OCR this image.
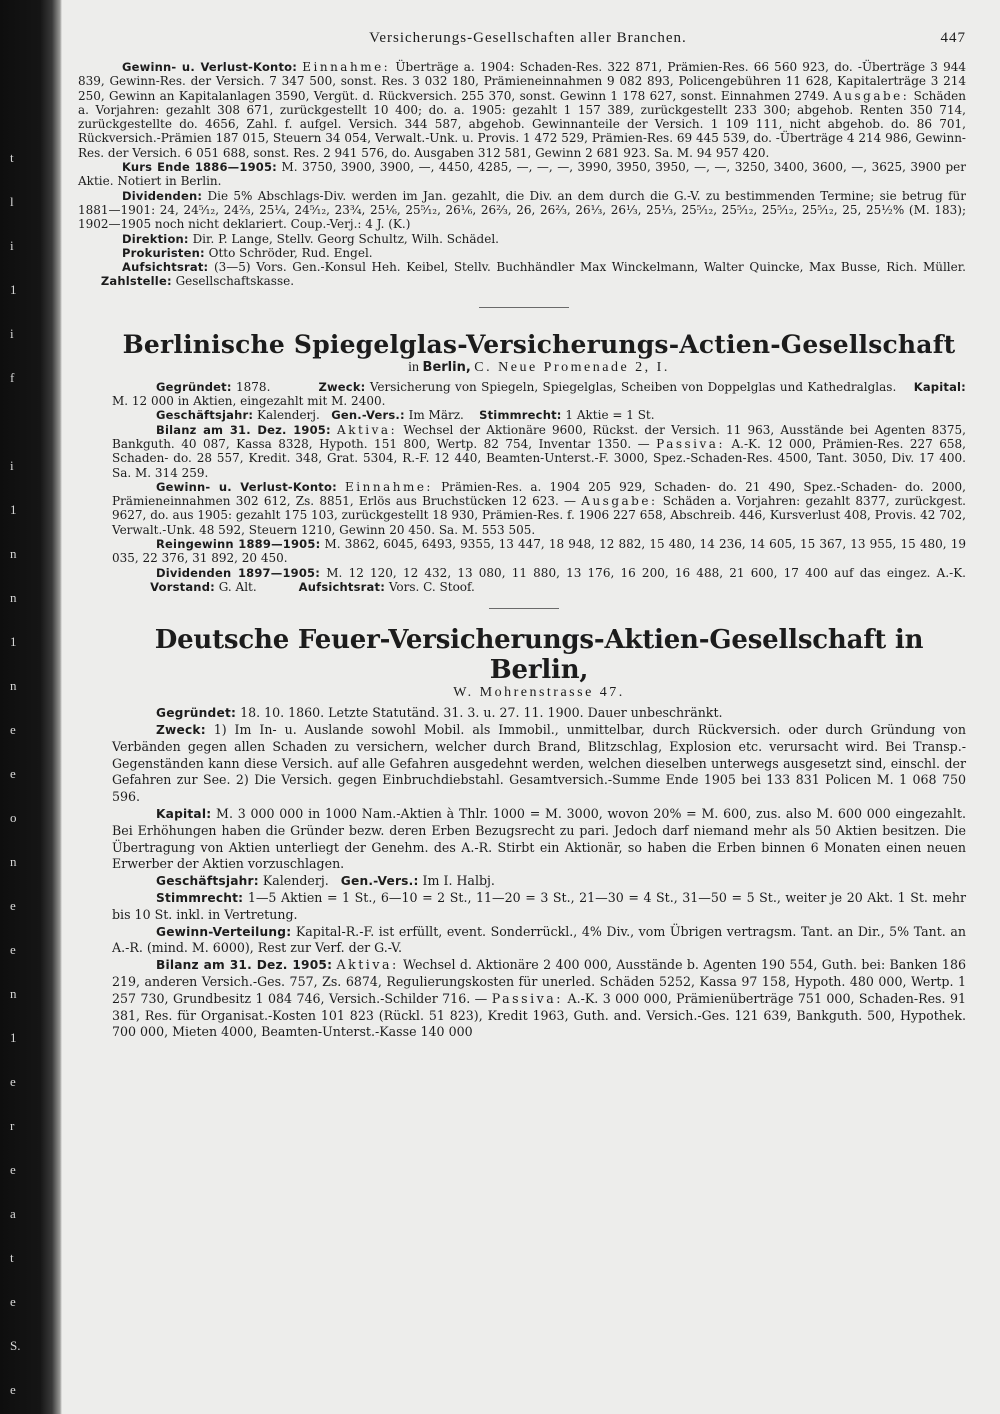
t
l
i
1
i
f
i
1
n
n
1
n
e
e
o
n
e
e
n
1
e
r
e
a
t
e
S.
e
Versicherungs-Gesellschaften aller Branchen.	447

Gewinn- u. Verlust-Konto: Einnahme: Überträge a. 1904: Schaden-Res. 322 871, Prämien-Res. 66 560 923, do. -Überträge 3 944 839, Gewinn-Res. der Versich. 7 347 500, sonst. Res. 3 032 180, Prämieneinnahmen 9 082 893, Policengebühren 11 628, Kapitalerträge 3 214 250, Gewinn an Kapitalanlagen 3590, Vergüt. d. Rückversich. 255 370, sonst. Gewinn 1 178 627, sonst. Einnahmen 2749. Ausgabe: Schäden a. Vorjahren: gezahlt 308 671, zurückgestellt 10 400; do. a. 1905: gezahlt 1 157 389, zurückgestellt 233 300; abgehob. Renten 350 714, zurückgestellte do. 4656, Zahl. f. aufgel. Versich. 344 587, abgehob. Gewinnanteile der Versich. 1 109 111, nicht abgehob. do. 86 701, Rückversich.-Prämien 187 015, Steuern 34 054, Verwalt.-Unk. u. Provis. 1 472 529, Prämien-Res. 69 445 539, do. -Überträge 4 214 986, Gewinn-Res. der Versich. 6 051 688, sonst. Res. 2 941 576, do. Ausgaben 312 581, Gewinn 2 681 923. Sa. M. 94 957 420.

Kurs Ende 1886—1905: M. 3750, 3900, 3900, —, 4450, 4285, —, —, —, 3990, 3950, 3950, —, —, 3250, 3400, 3600, —, 3625, 3900 per Aktie. Notiert in Berlin.

Dividenden: Die 5% Abschlags-Div. werden im Jan. gezahlt, die Div. an dem durch die G.-V. zu bestimmenden Termine; sie betrug für 1881—1901: 24, 24⁵⁄₁₂, 24²⁄₃, 25¹⁄₄, 24⁵⁄₁₂, 23³⁄₄, 25¹⁄₆, 25⁵⁄₁₂, 26¹⁄₆, 26²⁄₃, 26, 26²⁄₃, 26¹⁄₃, 26¹⁄₃, 25¹⁄₃, 25⁵⁄₁₂, 25⁵⁄₁₂, 25⁵⁄₁₂, 25⁵⁄₁₂, 25, 25¹⁄₂% (M. 183); 1902—1905 noch nicht deklariert. Coup.-Verj.: 4 J. (K.)

Direktion: Dir. P. Lange, Stellv. Georg Schultz, Wilh. Schädel.

Prokuristen: Otto Schröder, Rud. Engel.

Aufsichtsrat: (3—5) Vors. Gen.-Konsul Heh. Keibel, Stellv. Buchhändler Max Winckelmann, Walter Quincke, Max Busse, Rich. Müller.       Zahlstelle: Gesellschaftskasse.

Berlinische Spiegelglas-Versicherungs-Actien-Gesellschaft
in Berlin, C. Neue Promenade 2, I.

Gegründet: 1878.	Zweck: Versicherung von Spiegeln, Spiegelglas, Scheiben von Doppelglas und Kathedralglas. Kapital: M. 12 000 in Aktien, eingezahlt mit M. 2400.

Geschäftsjahr: Kalenderj. Gen.-Vers.: Im März. Stimmrecht: 1 Aktie = 1 St.

Bilanz am 31. Dez. 1905: Aktiva: Wechsel der Aktionäre 9600, Rückst. der Versich. 11 963, Ausstände bei Agenten 8375, Bankguth. 40 087, Kassa 8328, Hypoth. 151 800, Wertp. 82 754, Inventar 1350. — Passiva: A.-K. 12 000, Prämien-Res. 227 658, Schaden- do. 28 557, Kredit. 348, Grat. 5304, R.-F. 12 440, Beamten-Unterst.-F. 3000, Spez.-Schaden-Res. 4500, Tant. 3050, Div. 17 400. Sa. M. 314 259.

Gewinn- u. Verlust-Konto: Einnahme: Prämien-Res. a. 1904 205 929, Schaden- do. 21 490, Spez.-Schaden- do. 2000, Prämieneinnahmen 302 612, Zs. 8851, Erlös aus Bruchstücken 12 623. — Ausgabe: Schäden a. Vorjahren: gezahlt 8377, zurückgest. 9627, do. aus 1905: gezahlt 175 103, zurückgestellt 18 930, Prämien-Res. f. 1906 227 658, Abschreib. 446, Kursverlust 408, Provis. 42 702, Verwalt.-Unk. 48 592, Steuern 1210, Gewinn 20 450. Sa. M. 553 505.

Reingewinn 1889—1905: M. 3862, 6045, 6493, 9355, 13 447, 18 948, 12 882, 15 480, 14 236, 14 605, 15 367, 13 955, 15 480, 19 035, 22 376, 31 892, 20 450.

Dividenden 1897—1905: M. 12 120, 12 432, 13 080, 11 880, 13 176, 16 200, 16 488, 21 600, 17 400 auf das eingez. A.-K.           Vorstand: G. Alt.	Aufsichtsrat: Vors. C. Stoof.

Deutsche Feuer-Versicherungs-Aktien-Gesellschaft in Berlin,
W. Mohrenstrasse 47.

Gegründet: 18. 10. 1860. Letzte Statutänd. 31. 3. u. 27. 11. 1900. Dauer unbeschränkt.

Zweck: 1) Im In- u. Auslande sowohl Mobil. als Immobil., unmittelbar, durch Rückversich. oder durch Gründung von Verbänden gegen allen Schaden zu versichern, welcher durch Brand, Blitzschlag, Explosion etc. verursacht wird. Bei Transp.-Gegenständen kann diese Versich. auf alle Gefahren ausgedehnt werden, welchen dieselben unterwegs ausgesetzt sind, einschl. der Gefahren zur See. 2) Die Versich. gegen Einbruchdiebstahl. Gesamtversich.-Summe Ende 1905 bei 133 831 Policen M. 1 068 750 596.

Kapital: M. 3 000 000 in 1000 Nam.-Aktien à Thlr. 1000 = M. 3000, wovon 20% = M. 600, zus. also M. 600 000 eingezahlt. Bei Erhöhungen haben die Gründer bezw. deren Erben Bezugsrecht zu pari. Jedoch darf niemand mehr als 50 Aktien besitzen. Die Übertragung von Aktien unterliegt der Genehm. des A.-R. Stirbt ein Aktionär, so haben die Erben binnen 6 Monaten einen neuen Erwerber der Aktien vorzuschlagen.

Geschäftsjahr: Kalenderj. Gen.-Vers.: Im I. Halbj.

Stimmrecht: 1—5 Aktien = 1 St., 6—10 = 2 St., 11—20 = 3 St., 21—30 = 4 St., 31—50 = 5 St., weiter je 20 Akt. 1 St. mehr bis 10 St. inkl. in Vertretung.

Gewinn-Verteilung: Kapital-R.-F. ist erfüllt, event. Sonderrückl., 4% Div., vom Übrigen vertragsm. Tant. an Dir., 5% Tant. an A.-R. (mind. M. 6000), Rest zur Verf. der G.-V.

Bilanz am 31. Dez. 1905: Aktiva: Wechsel d. Aktionäre 2 400 000, Ausstände b. Agenten 190 554, Guth. bei: Banken 186 219, anderen Versich.-Ges. 757, Zs. 6874, Regulierungskosten für unerled. Schäden 5252, Kassa 97 158, Hypoth. 480 000, Wertp. 1 257 730, Grundbesitz 1 084 746, Versich.-Schilder 716. — Passiva: A.-K. 3 000 000, Prämienüberträge 751 000, Schaden-Res. 91 381, Res. für Organisat.-Kosten 101 823 (Rückl. 51 823), Kredit 1963, Guth. and. Versich.-Ges. 121 639, Bankguth. 500, Hypothek. 700 000, Mieten 4000, Beamten-Unterst.-Kasse 140 000
